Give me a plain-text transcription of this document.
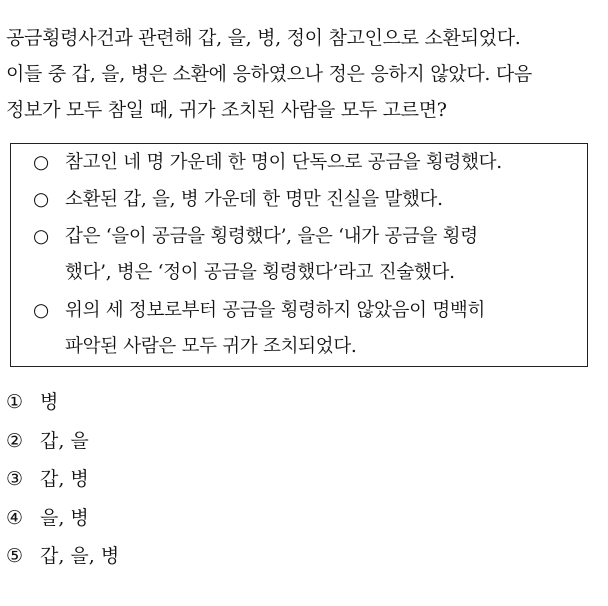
공금횡령사건과 관련해 갑, 을, 병, 정이 참고인으로 소환되었다.
이들 중 갑, 을, 병은 소환에 응하였으나 정은 응하지 않았다. 다음
정보가 모두 참일 때, 귀가 조치된 사람을 모두 고르면?
○ 참고인 네 명 가운데 한 명이 단독으로 공금을 횡령했다.
○ 소환된 갑, 을, 병 가운데 한 명만 진실을 말했다.
○ 갑은 ‘을이 공금을 횡령했다’, 을은 ‘내가 공금을 횡령
했다’, 병은 ‘정이 공금을 횡령했다’라고 진술했다.
○ 위의 세 정보로부터 공금을 횡령하지 않았음이 명백히
파악된 사람은 모두 귀가 조치되었다.
① 병
② 갑, 을
③ 갑, 병
④ 을, 병
⑤ 갑, 을, 병
